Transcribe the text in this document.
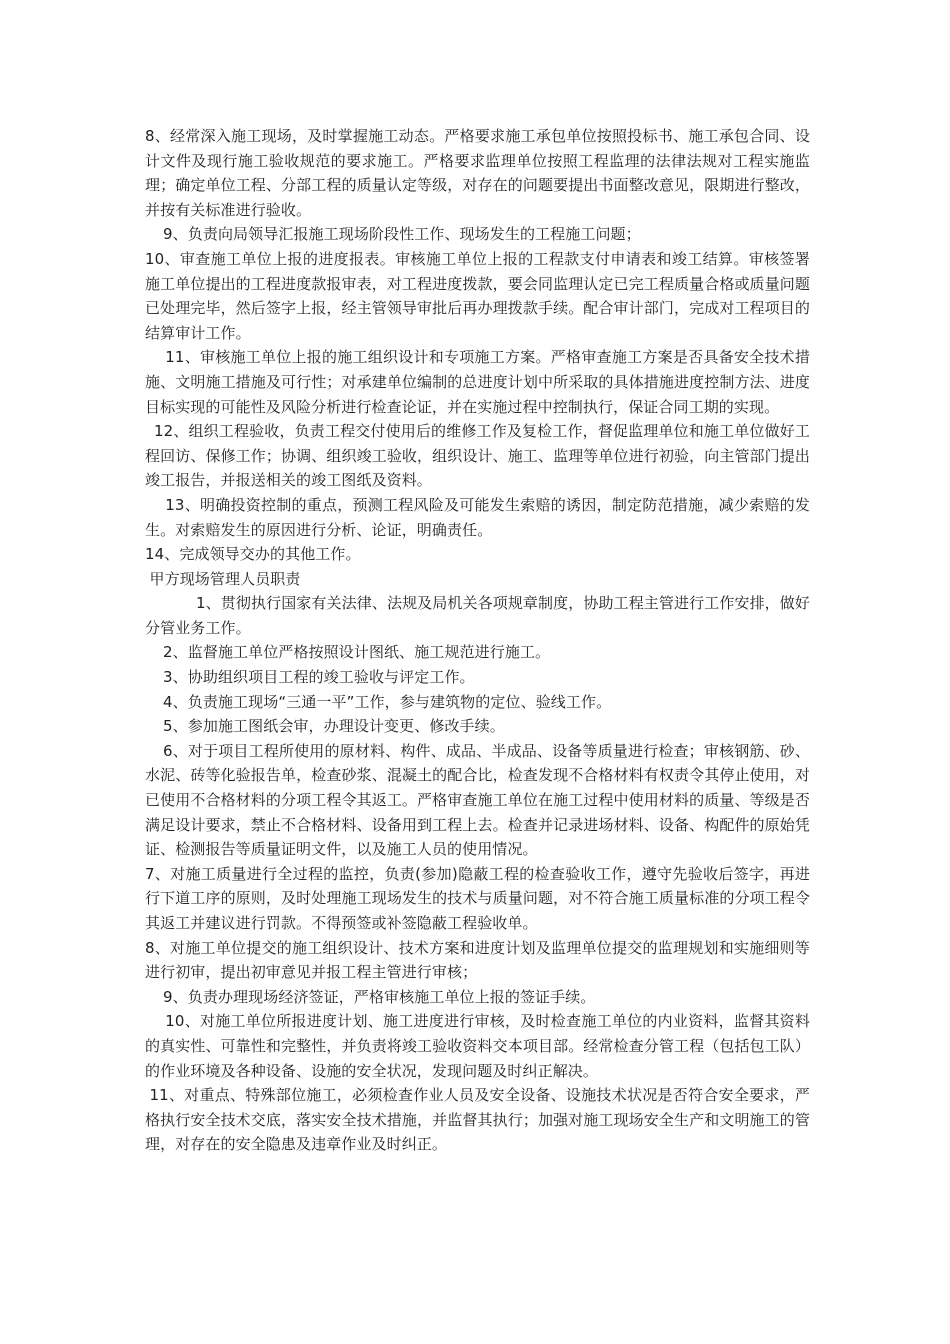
8、经常深入施工现场，及时掌握施工动态。严格要求施工承包单位按照投标书、施工承包合同、设计文件及现行施工验收规范的要求施工。严格要求监理单位按照工程监理的法律法规对工程实施监理；确定单位工程、分部工程的质量认定等级，对存在的问题要提出书面整改意见，限期进行整改，并按有关标准进行验收。

9、负责向局领导汇报施工现场阶段性工作、现场发生的工程施工问题；

10、审查施工单位上报的进度报表。审核施工单位上报的工程款支付申请表和竣工结算。审核签署施工单位提出的工程进度款报审表，对工程进度拨款，要会同监理认定已完工程质量合格或质量问题已处理完毕，然后签字上报，经主管领导审批后再办理拨款手续。配合审计部门，完成对工程项目的结算审计工作。

11、审核施工单位上报的施工组织设计和专项施工方案。严格审查施工方案是否具备安全技术措施、文明施工措施及可行性；对承建单位编制的总进度计划中所采取的具体措施进度控制方法、进度目标实现的可能性及风险分析进行检查论证，并在实施过程中控制执行，保证合同工期的实现。

12、组织工程验收，负责工程交付使用后的维修工作及复检工作，督促监理单位和施工单位做好工程回访、保修工作；协调、组织竣工验收，组织设计、施工、监理等单位进行初验，向主管部门提出竣工报告，并报送相关的竣工图纸及资料。

13、明确投资控制的重点，预测工程风险及可能发生索赔的诱因，制定防范措施，减少索赔的发生。对索赔发生的原因进行分析、论证，明确责任。

14、完成领导交办的其他工作。

甲方现场管理人员职责

1、贯彻执行国家有关法律、法规及局机关各项规章制度，协助工程主管进行工作安排，做好分管业务工作。

2、监督施工单位严格按照设计图纸、施工规范进行施工。

3、协助组织项目工程的竣工验收与评定工作。

4、负责施工现场“三通一平”工作，参与建筑物的定位、验线工作。

5、参加施工图纸会审，办理设计变更、修改手续。

6、对于项目工程所使用的原材料、构件、成品、半成品、设备等质量进行检查；审核钢筋、砂、水泥、砖等化验报告单，检查砂浆、混凝土的配合比，检查发现不合格材料有权责令其停止使用，对已使用不合格材料的分项工程令其返工。严格审查施工单位在施工过程中使用材料的质量、等级是否满足设计要求，禁止不合格材料、设备用到工程上去。检查并记录进场材料、设备、构配件的原始凭证、检测报告等质量证明文件，以及施工人员的使用情况。

7、对施工质量进行全过程的监控，负责(参加)隐蔽工程的检查验收工作，遵守先验收后签字，再进行下道工序的原则，及时处理施工现场发生的技术与质量问题，对不符合施工质量标准的分项工程令其返工并建议进行罚款。不得预签或补签隐蔽工程验收单。

8、对施工单位提交的施工组织设计、技术方案和进度计划及监理单位提交的监理规划和实施细则等进行初审，提出初审意见并报工程主管进行审核；

9、负责办理现场经济签证，严格审核施工单位上报的签证手续。

10、对施工单位所报进度计划、施工进度进行审核，及时检查施工单位的内业资料，监督其资料的真实性、可靠性和完整性，并负责将竣工验收资料交本项目部。经常检查分管工程（包括包工队）的作业环境及各种设备、设施的安全状况，发现问题及时纠正解决。

11、对重点、特殊部位施工，必须检查作业人员及安全设备、设施技术状况是否符合安全要求，严格执行安全技术交底，落实安全技术措施，并监督其执行；加强对施工现场安全生产和文明施工的管理，对存在的安全隐患及违章作业及时纠正。
